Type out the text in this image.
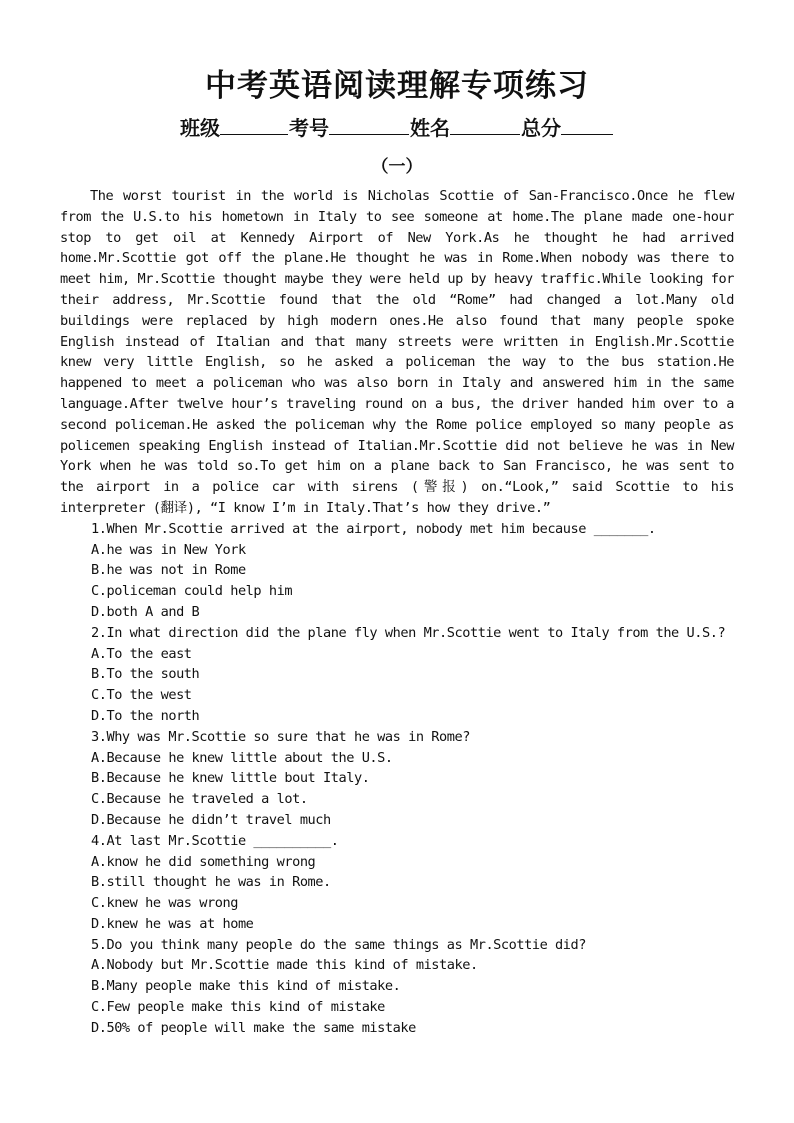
中考英语阅读理解专项练习
班级	考号	姓名	总分
（一）

The worst tourist in the world is Nicholas Scottie of San-Francisco.Once he flew from the U.S.to his hometown in Italy to see someone at home.The plane made one-hour stop to get oil at Kennedy Airport of New York.As he thought he had arrived home.Mr.Scottie got off the plane.He thought he was in Rome.When nobody was there to meet him, Mr.Scottie thought maybe they were held up by heavy traffic.While looking for their address, Mr.Scottie found that the old “Rome” had changed a lot.Many old buildings were replaced by high modern ones.He also found that many people spoke English instead of Italian and that many streets were written in English.Mr.Scottie knew very little English, so he asked a policeman the way to the bus station.He happened to meet a policeman who was also born in Italy and answered him in the same language.After twelve hour’s traveling round on a bus, the driver handed him over to a second policeman.He asked the policeman why the Rome police employed so many people as policemen speaking English instead of Italian.Mr.Scottie did not believe he was in New York when he was told so.To get him on a plane back to San Francisco, he was sent to the airport in a police car with sirens (警报) on.“Look,” said Scottie to his interpreter (翻译), “I know I’m in Italy.That’s how they drive.”

1.When Mr.Scottie arrived at the airport, nobody met him because _______.
A.he was in New York
B.he was not in Rome
C.policeman could help him
D.both A and B
2.In what direction did the plane fly when Mr.Scottie went to Italy from the U.S.?
A.To the east
B.To the south
C.To the west
D.To the north
3.Why was Mr.Scottie so sure that he was in Rome?
A.Because he knew little about the U.S.
B.Because he knew little bout Italy.
C.Because he traveled a lot.
D.Because he didn’t travel much
4.At last Mr.Scottie __________.
A.know he did something wrong
B.still thought he was in Rome.
C.knew he was wrong
D.knew he was at home
5.Do you think many people do the same things as Mr.Scottie did?
A.Nobody but Mr.Scottie made this kind of mistake.
B.Many people make this kind of mistake.
C.Few people make this kind of mistake
D.50% of people will make the same mistake
